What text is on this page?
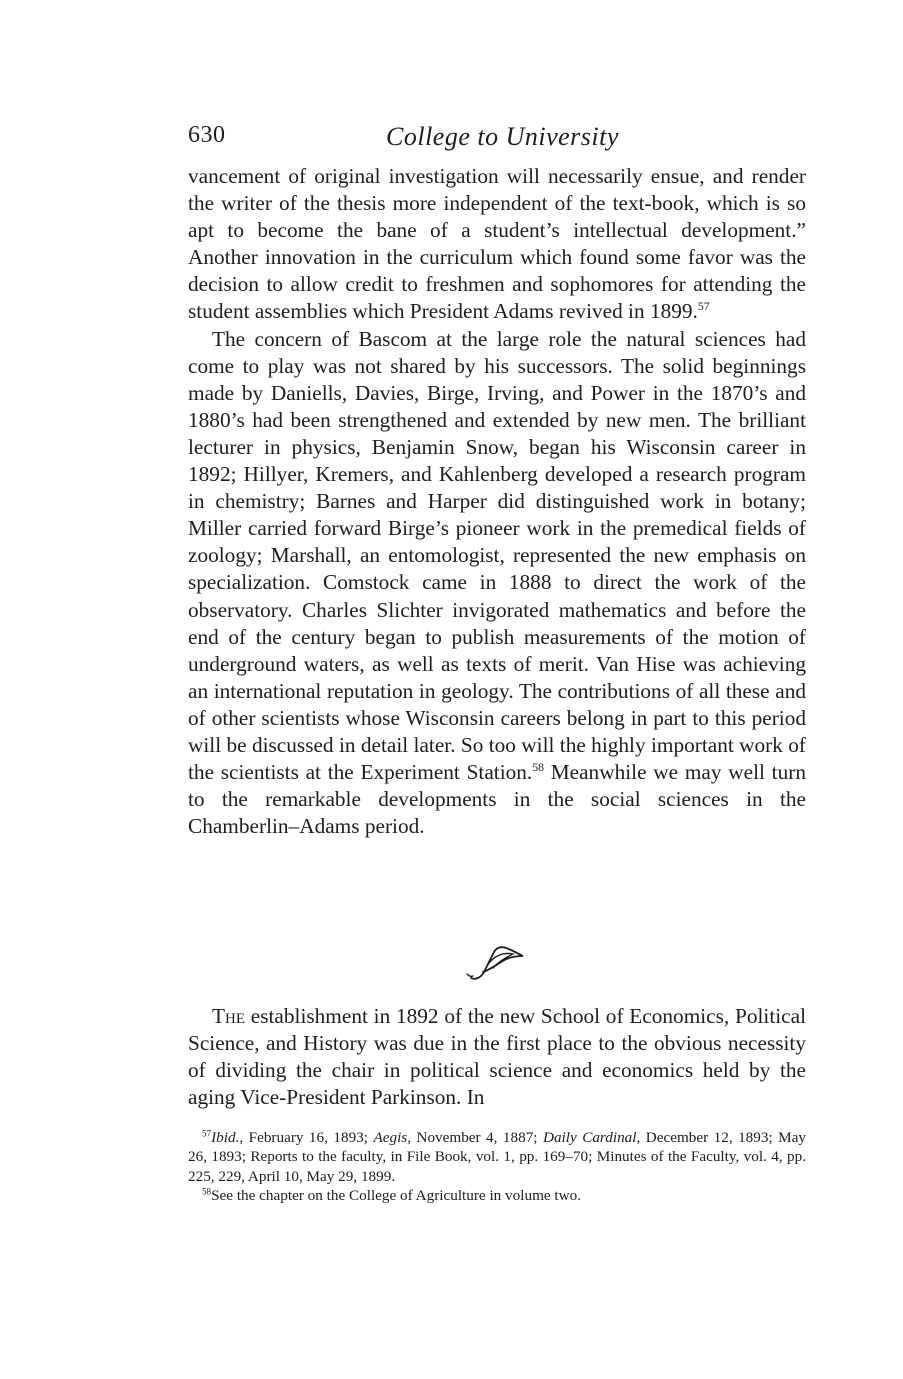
630	College to University

vancement of original investigation will necessarily ensue, and render the writer of the thesis more independent of the text-book, which is so apt to become the bane of a student’s intellectual development.” Another innovation in the curriculum which found some favor was the decision to allow credit to freshmen and sophomores for attending the student assemblies which President Adams revived in 1899.57

The concern of Bascom at the large role the natural sciences had come to play was not shared by his successors. The solid beginnings made by Daniells, Davies, Birge, Irving, and Power in the 1870’s and 1880’s had been strengthened and extended by new men. The brilliant lecturer in physics, Benjamin Snow, began his Wisconsin career in 1892; Hillyer, Kremers, and Kahlenberg developed a research program in chemistry; Barnes and Harper did distinguished work in botany; Miller carried forward Birge’s pioneer work in the premedical fields of zoology; Marshall, an entomologist, represented the new emphasis on specialization. Comstock came in 1888 to direct the work of the observatory. Charles Slichter invigorated mathematics and before the end of the century began to publish measurements of the motion of underground waters, as well as texts of merit. Van Hise was achieving an international reputation in geology. The contributions of all these and of other scientists whose Wisconsin careers belong in part to this period will be discussed in detail later. So too will the highly important work of the scientists at the Experiment Station.$^{58}$ Meanwhile we may well turn to the remarkable developments in the social sciences in the Chamberlin–Adams period.

The establishment in 1892 of the new School of Economics, Political Science, and History was due in the first place to the obvious necessity of dividing the chair in political science and economics held by the aging Vice-President Parkinson. In

$^{57}$Ibid., February 16, 1893; Aegis, November 4, 1887; Daily Cardinal, December 12, 1893; May 26, 1893; Reports to the faculty, in File Book, vol. 1, pp. 169–70; Minutes of the Faculty, vol. 4, pp. 225, 229, April 10, May 29, 1899.

$^{58}$See the chapter on the College of Agriculture in volume two.
